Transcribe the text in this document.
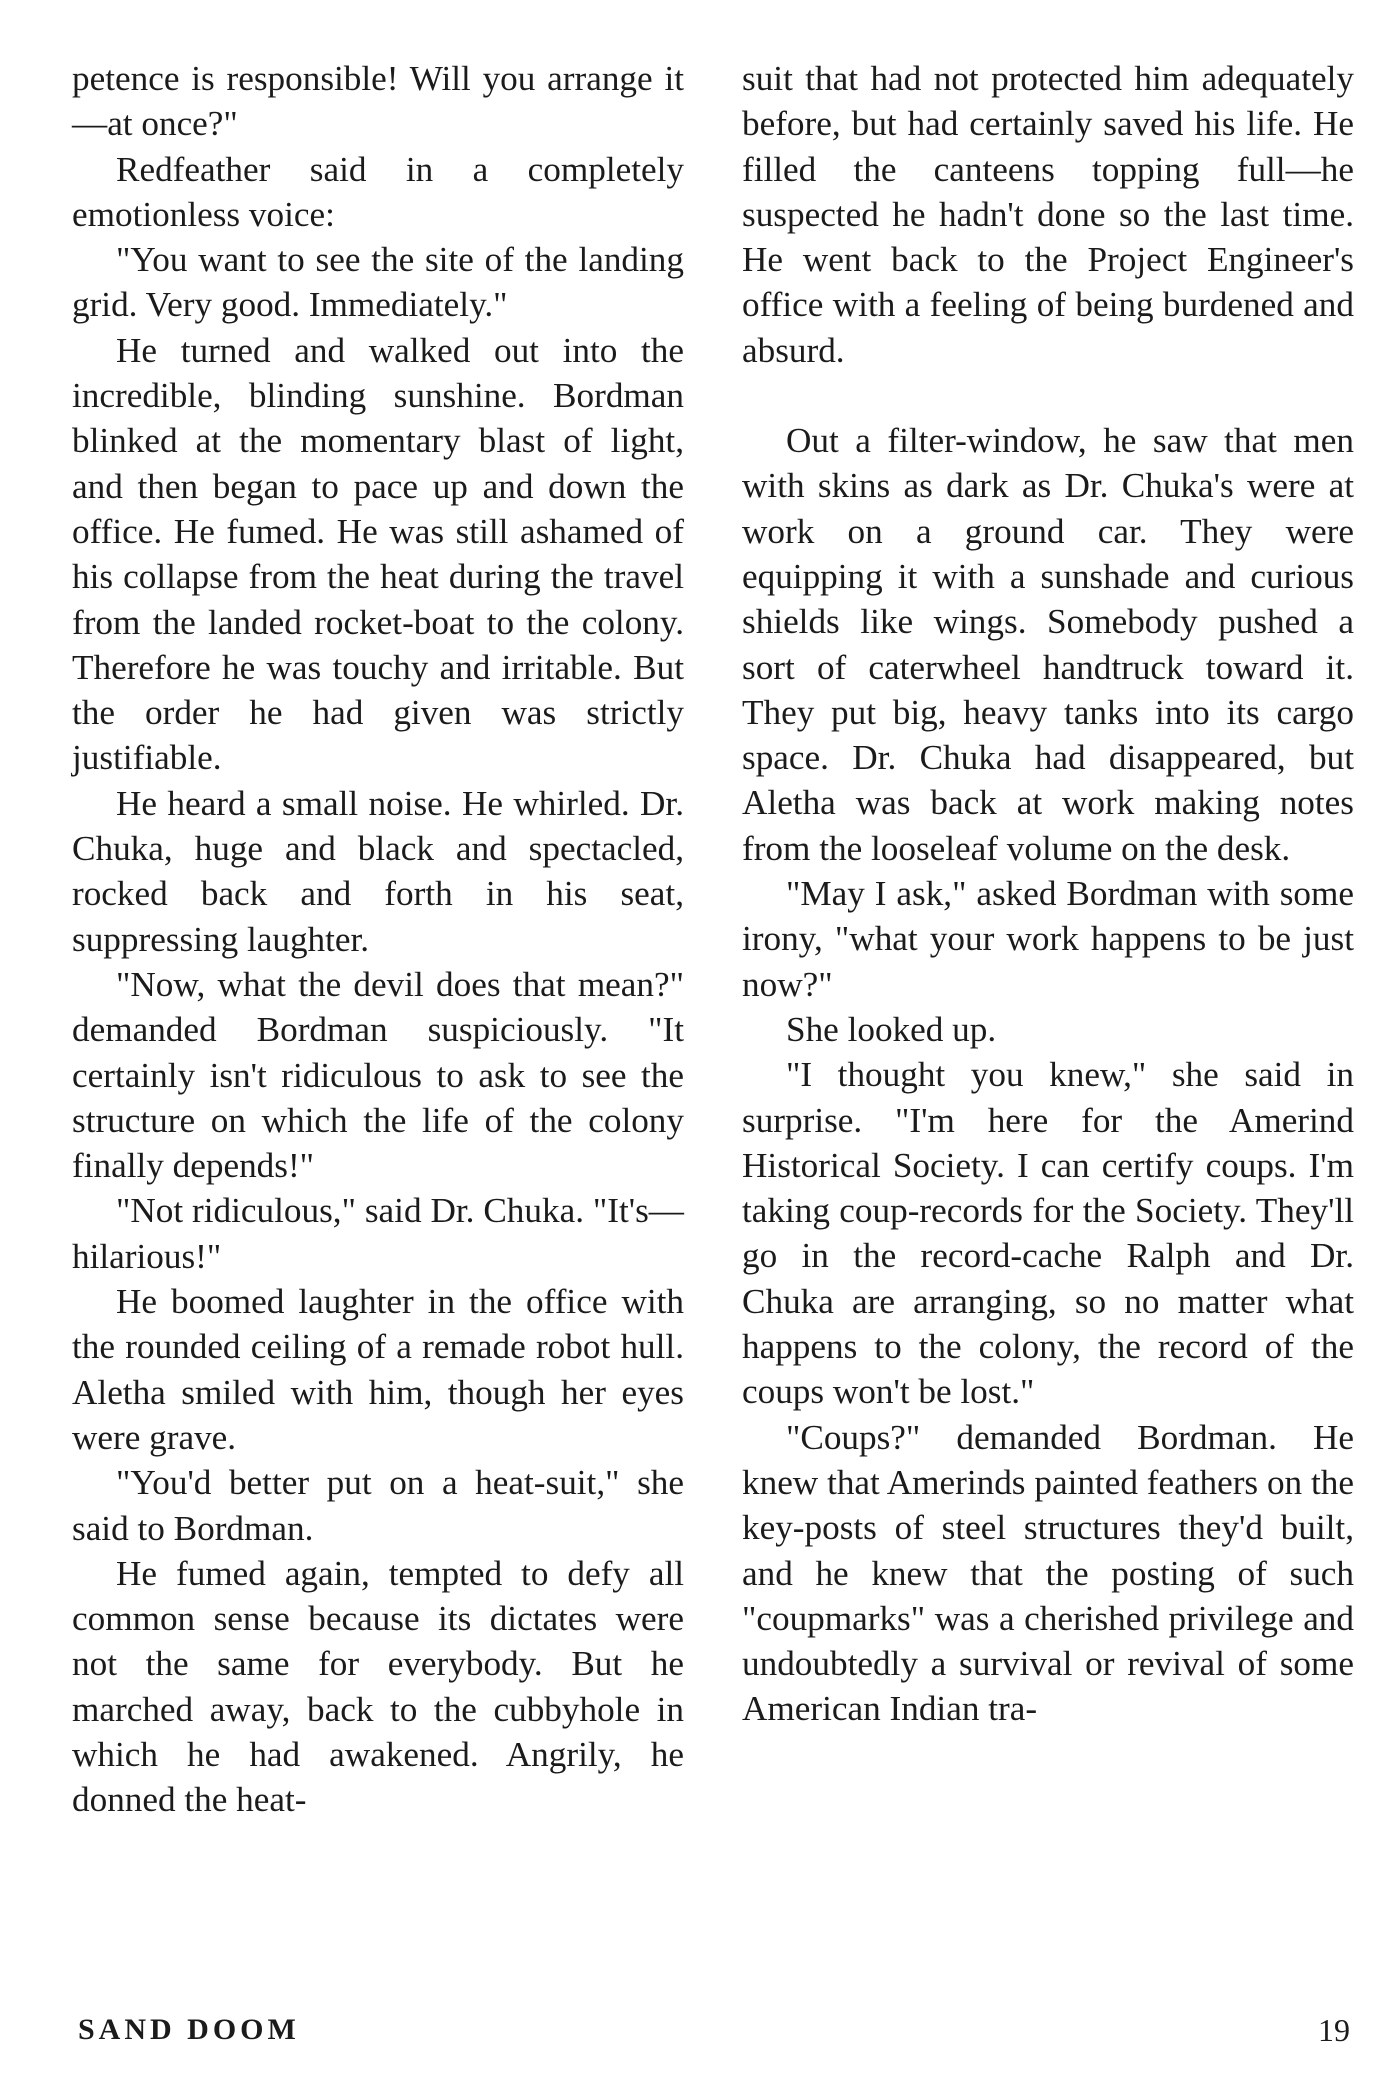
petence is responsible! Will you arrange it—at once?"

Redfeather said in a completely emotionless voice:

"You want to see the site of the landing grid. Very good. Immediately."

He turned and walked out into the incredible, blinding sunshine. Bordman blinked at the momentary blast of light, and then began to pace up and down the office. He fumed. He was still ashamed of his collapse from the heat during the travel from the landed rocket-boat to the colony. Therefore he was touchy and irritable. But the order he had given was strictly justifiable.

He heard a small noise. He whirled. Dr. Chuka, huge and black and spectacled, rocked back and forth in his seat, suppressing laughter.

"Now, what the devil does that mean?" demanded Bordman suspiciously. "It certainly isn't ridiculous to ask to see the structure on which the life of the colony finally depends!"

"Not ridiculous," said Dr. Chuka. "It's—hilarious!"

He boomed laughter in the office with the rounded ceiling of a remade robot hull. Aletha smiled with him, though her eyes were grave.

"You'd better put on a heat-suit," she said to Bordman.

He fumed again, tempted to defy all common sense because its dictates were not the same for everybody. But he marched away, back to the cubbyhole in which he had awakened. Angrily, he donned the heat-

suit that had not protected him adequately before, but had certainly saved his life. He filled the canteens topping full—he suspected he hadn't done so the last time. He went back to the Project Engineer's office with a feeling of being burdened and absurd.

Out a filter-window, he saw that men with skins as dark as Dr. Chuka's were at work on a ground car. They were equipping it with a sunshade and curious shields like wings. Somebody pushed a sort of caterwheel handtruck toward it. They put big, heavy tanks into its cargo space. Dr. Chuka had disappeared, but Aletha was back at work making notes from the looseleaf volume on the desk.

"May I ask," asked Bordman with some irony, "what your work happens to be just now?"

She looked up.

"I thought you knew," she said in surprise. "I'm here for the Amerind Historical Society. I can certify coups. I'm taking coup-records for the Society. They'll go in the record-cache Ralph and Dr. Chuka are arranging, so no matter what happens to the colony, the record of the coups won't be lost."

"Coups?" demanded Bordman. He knew that Amerinds painted feathers on the key-posts of steel structures they'd built, and he knew that the posting of such "coupmarks" was a cherished privilege and undoubtedly a survival or revival of some American Indian tra-

SAND DOOM	19
